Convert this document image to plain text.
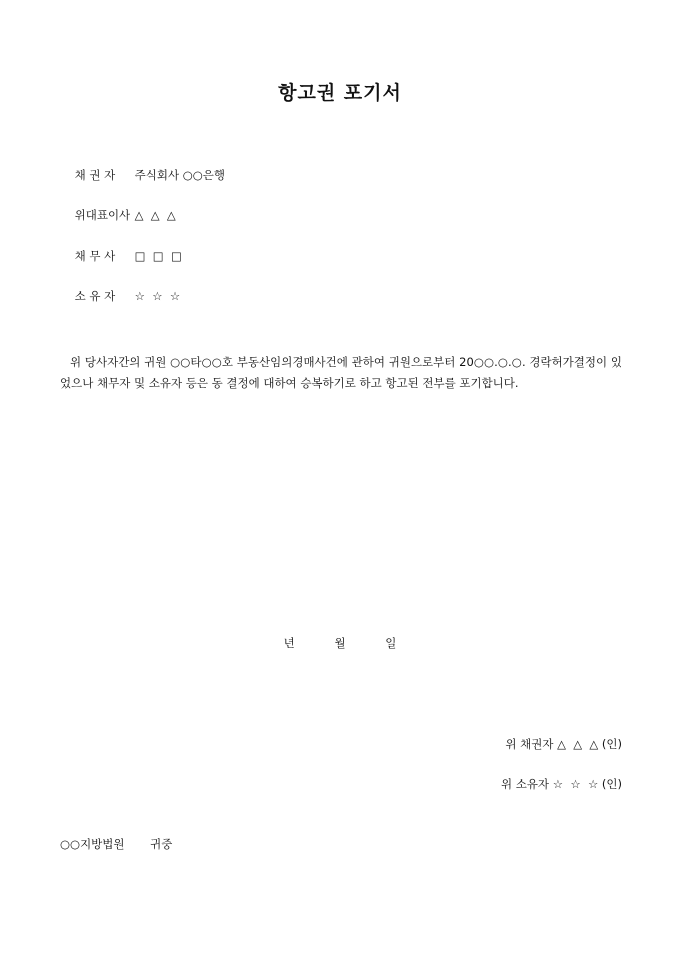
항고권 포기서

채 권 자 주식회사 ○○은행

위대표이사 △  △  △

채 무 사 □  □  □

소 유 자 ☆  ☆  ☆

위 당사자간의 귀원 ○○타○○호 부동산임의경매사건에 관하여 귀원으로부터 20○○.○.○. 경락허가결정이 있었으나 채무자 및 소유자 등은 동 결정에 대하여 승복하기로 하고 항고된 전부를 포기합니다.
년	월	일
위 채권자 △  △  △ (인)
위 소유자 ☆  ☆  ☆ (인)
○○지방법원       귀중
